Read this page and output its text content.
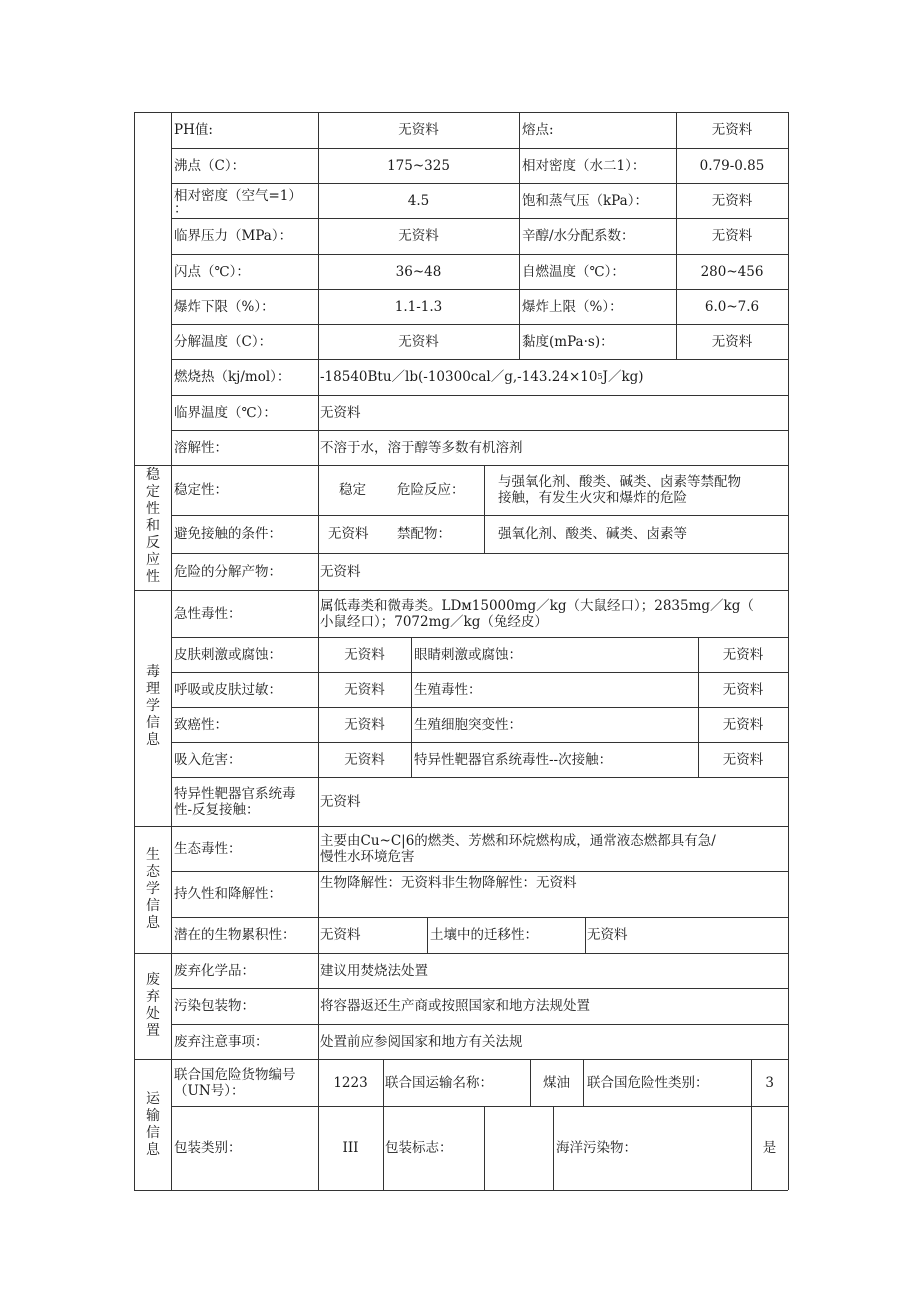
PH值:	无资料	熔点:	无资料
沸点（C）：	175~325	相对密度（水二1）：	0.79-0.85
相对密度（空气=1）
：	4.5	饱和蒸气压（kPa）：	无资料
临界压力（MPa）：	无资料	辛醇/水分配系数：	无资料
闪点（℃）：	36~48	自燃温度（℃）：	280~456
爆炸下限（%）：	1.1-1.3	爆炸上限（%）：	6.0~7.6
分解温度（C）：	无资料	黏度(mPa·s)：	无资料
燃烧热（kj/mol）：	-18540Btu／lb(-10300cal／g,-143.24×10 5 J／kg)
临界温度（℃）：	无资料
溶解性：	不溶于水，溶于醇等多数有机溶剂
稳
定
性
和
反
应
性
稳定性：	稳定	危险反应：	与强氧化剂、酸类、碱类、卤素等禁配物
接触，有发生火灾和爆炸的危险
避免接触的条件：	无资料	禁配物：	强氧化剂、酸类、碱类、卤素等
危险的分解产物：	无资料
毒
理
学
信
息
急性毒性：	属低毒类和微毒类。LDм15000mg／kg（大鼠经口）；2835mg／kg（
小鼠经口）；7072mg／kg（兔经皮）
皮肤刺激或腐蚀：	无资料	眼睛刺激或腐蚀：	无资料
呼吸或皮肤过敏：	无资料	生殖毒性：	无资料
致癌性：	无资料	生殖细胞突变性：	无资料
吸入危害：	无资料	特异性靶器官系统毒性--次接触：	无资料
特异性靶器官系统毒
性-反复接触：	无资料
生
态
学
信
息
生态毒性：	主要由Cu~C|6的燃类、芳燃和环烷燃构成，通常液态燃都具有急/
慢性水环境危害
持久性和降解性：
生物降解性：无资料非生物降解性：无资料
潜在的生物累积性：	无资料	土壤中的迁移性：	无资料
废
弃
处
置
废弃化学品：	建议用焚烧法处置
污染包装物：	将容器返还生产商或按照国家和地方法规处置
废弃注意事项：	处置前应参阅国家和地方有关法规
运
输
信
息
联合国危险货物编号
（UN号）：	1223	联合国运输名称：	煤油	联合国危险性类别：	3
包装类别：	III	包装标志：	海洋污染物：	是
